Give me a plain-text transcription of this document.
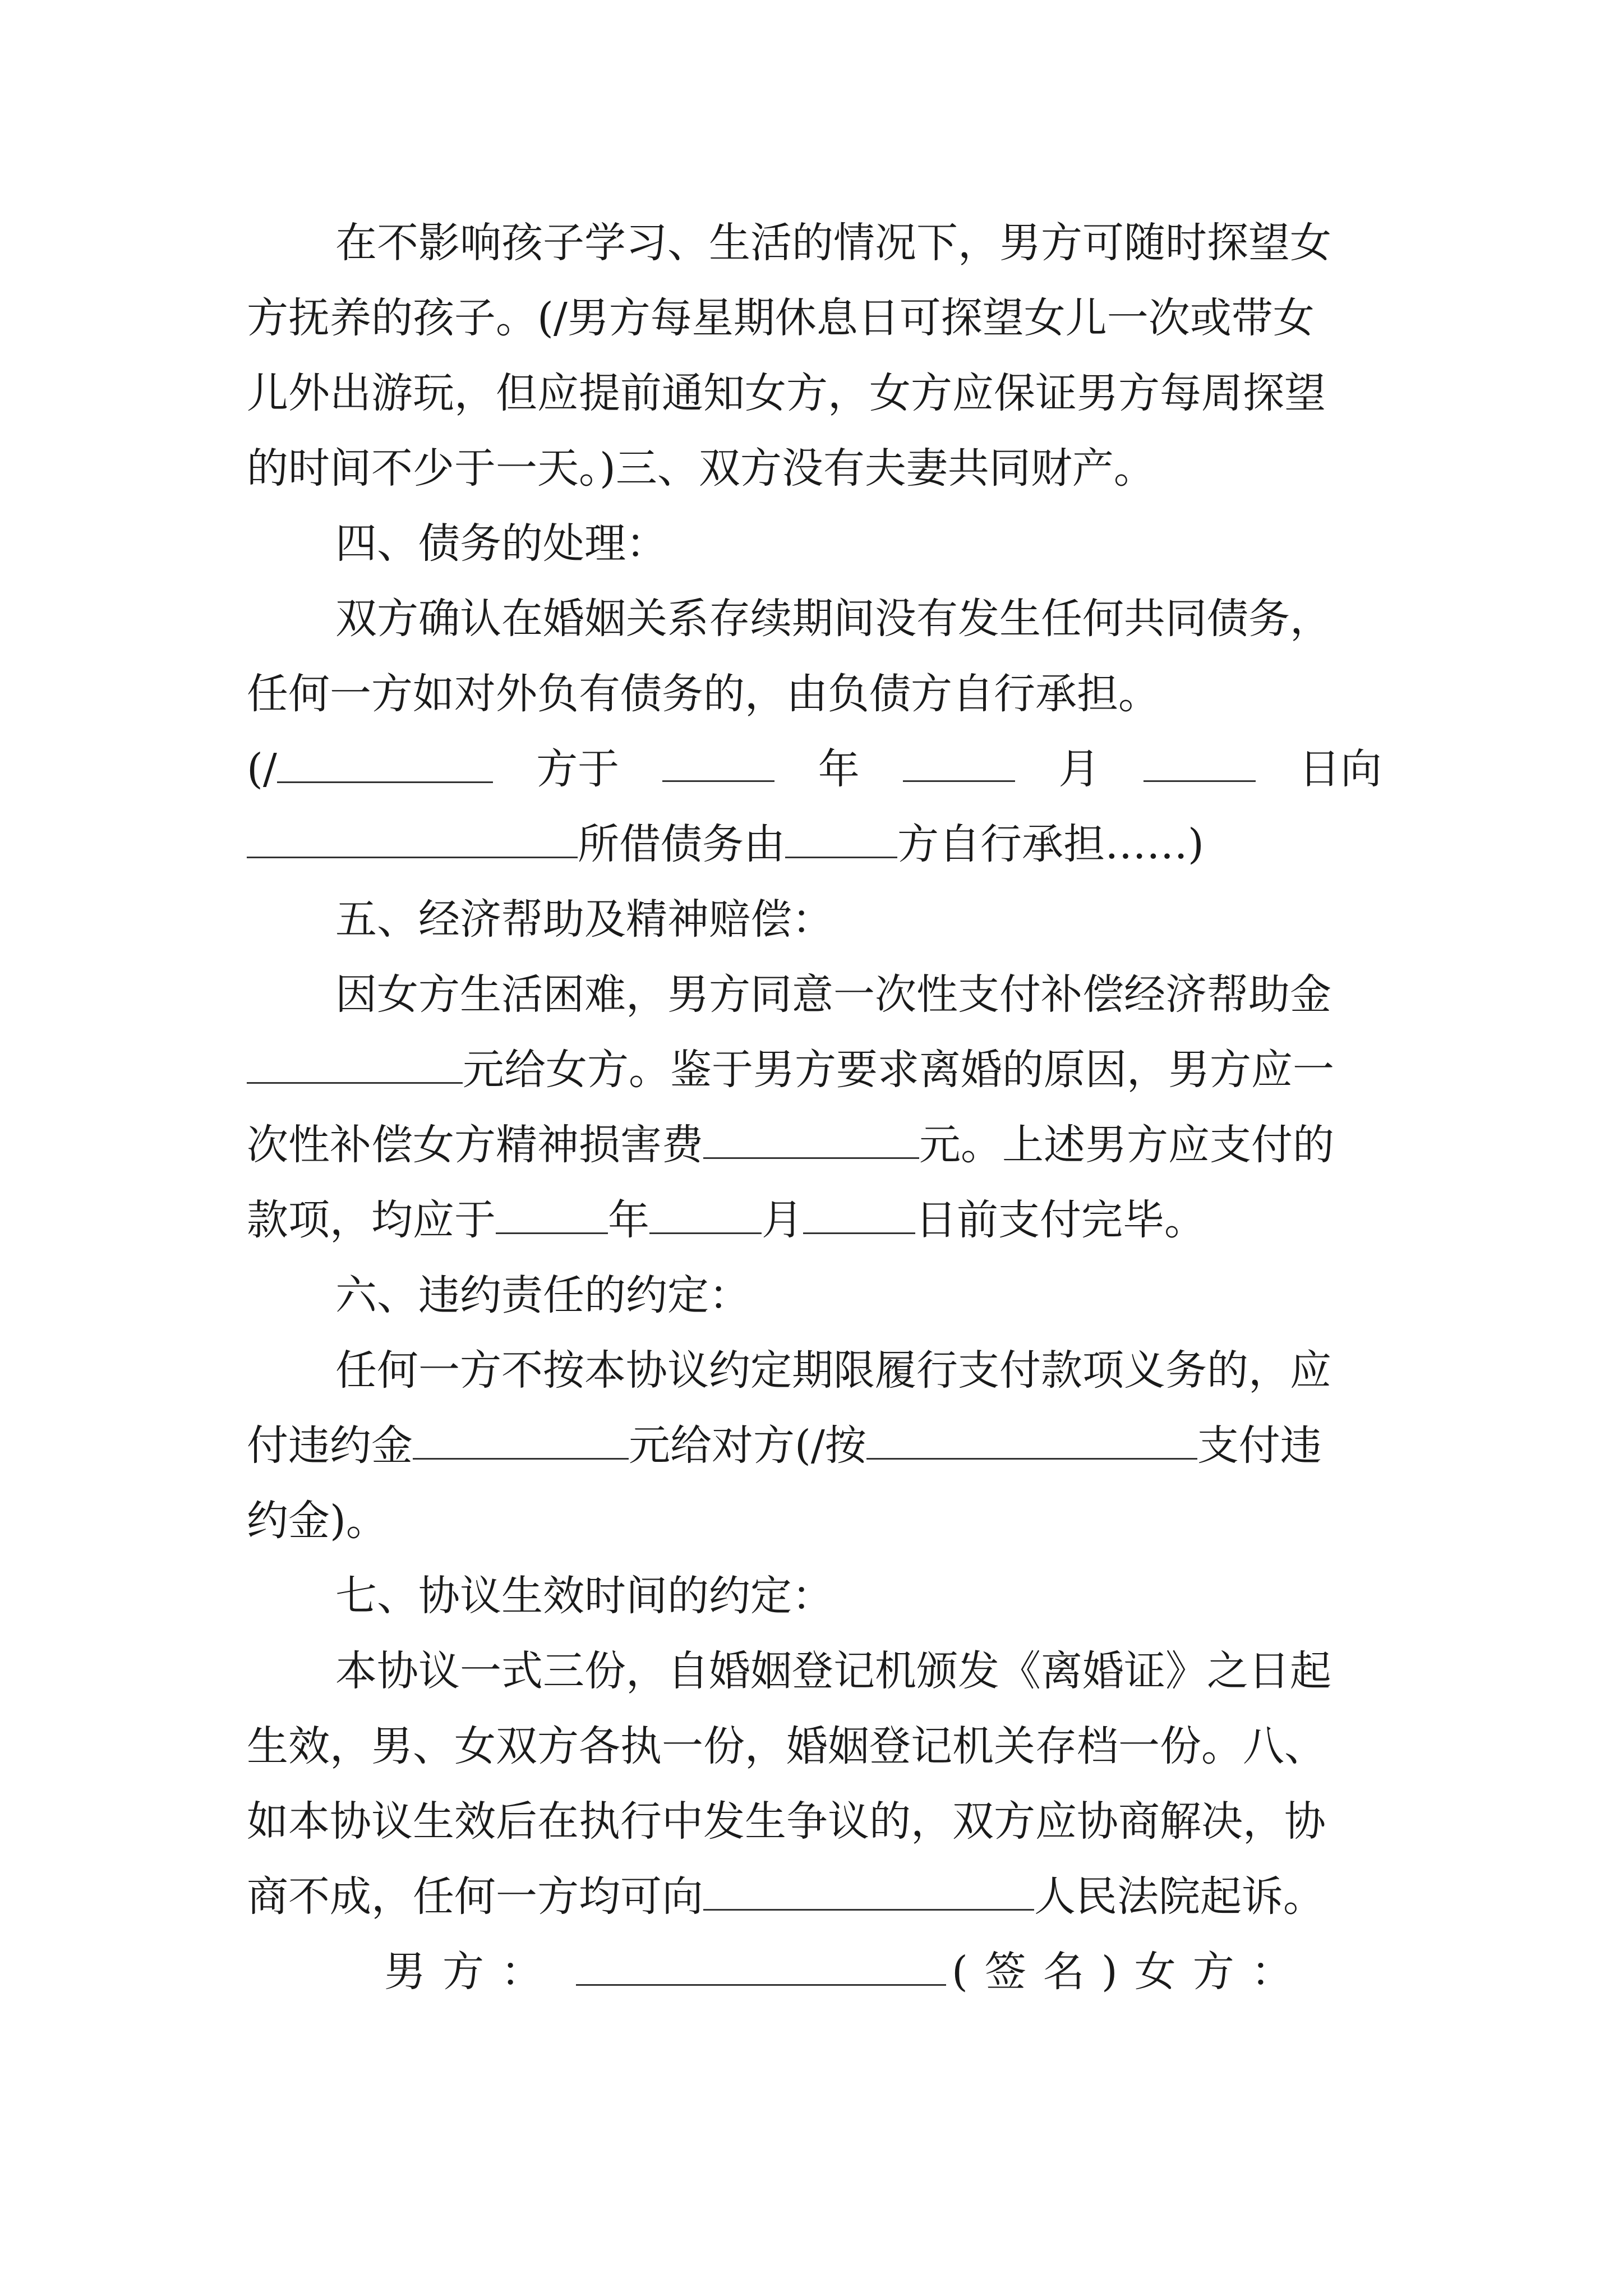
在不影响孩子学习、生活的情况下，男方可随时探望女
方抚养的孩子。(/男方每星期休息日可探望女儿一次或带女
儿外出游玩，但应提前通知女方，女方应保证男方每周探望
的时间不少于一天。)三、双方没有夫妻共同财产。
四、债务的处理：
双方确认在婚姻关系存续期间没有发生任何共同债务，
任何一方如对外负有债务的，由负债方自行承担。
(/	方于	年	月	日向
所借债务由	方自行承担……)
五、经济帮助及精神赔偿：
因女方生活困难，男方同意一次性支付补偿经济帮助金
元给女方。鉴于男方要求离婚的原因，男方应一
次性补偿女方精神损害费	元。上述男方应支付的
款项，均应于	年	月	日前支付完毕。
六、违约责任的约定：
任何一方不按本协议约定期限履行支付款项义务的，应
付违约金	元给对方(/按	支付违
约金)。
七、协议生效时间的约定：
本协议一式三份，自婚姻登记机颁发《离婚证》之日起
生效，男、女双方各执一份，婚姻登记机关存档一份。八、
如本协议生效后在执行中发生争议的，双方应协商解决，协
商不成，任何一方均可向	人民法院起诉。
男方：	(签名)女方：
